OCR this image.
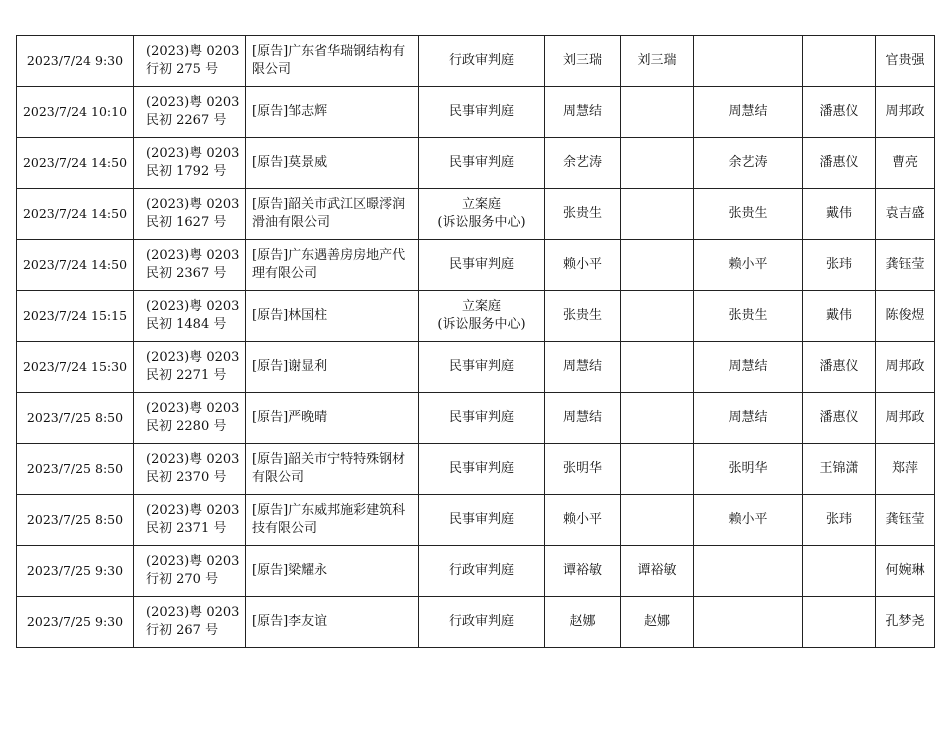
2023/7/24 9:30	(2023)粤 0203
行初 275 号	[原告]广东省华瑞钢结构有限公司	行政审判庭	刘三瑞	刘三瑞			官贵强
2023/7/24 10:10	(2023)粤 0203
民初 2267 号	[原告]邹志辉	民事审判庭	周慧结		周慧结	潘惠仪	周邦政
2023/7/24 14:50	(2023)粤 0203
民初 1792 号	[原告]莫景威	民事审判庭	余艺涛		余艺涛	潘惠仪	曹亮
2023/7/24 14:50	(2023)粤 0203
民初 1627 号	[原告]韶关市武江区暻澪润滑油有限公司	立案庭
(诉讼服务中心)	张贵生		张贵生	戴伟	袁吉盛
2023/7/24 14:50	(2023)粤 0203
民初 2367 号	[原告]广东遇善房房地产代理有限公司	民事审判庭	赖小平		赖小平	张玮	龚钰莹
2023/7/24 15:15	(2023)粤 0203
民初 1484 号	[原告]林国柱	立案庭
(诉讼服务中心)	张贵生		张贵生	戴伟	陈俊煜
2023/7/24 15:30	(2023)粤 0203
民初 2271 号	[原告]谢显利	民事审判庭	周慧结		周慧结	潘惠仪	周邦政
2023/7/25 8:50	(2023)粤 0203
民初 2280 号	[原告]严晚晴	民事审判庭	周慧结		周慧结	潘惠仪	周邦政
2023/7/25 8:50	(2023)粤 0203
民初 2370 号	[原告]韶关市宁特特殊钢材有限公司	民事审判庭	张明华		张明华	王锦潇	郑萍
2023/7/25 8:50	(2023)粤 0203
民初 2371 号	[原告]广东威邦施彩建筑科技有限公司	民事审判庭	赖小平		赖小平	张玮	龚钰莹
2023/7/25 9:30	(2023)粤 0203
行初 270 号	[原告]梁耀永	行政审判庭	谭裕敏	谭裕敏			何婉琳
2023/7/25 9:30	(2023)粤 0203
行初 267 号	[原告]李友谊	行政审判庭	赵娜	赵娜			孔梦尧
